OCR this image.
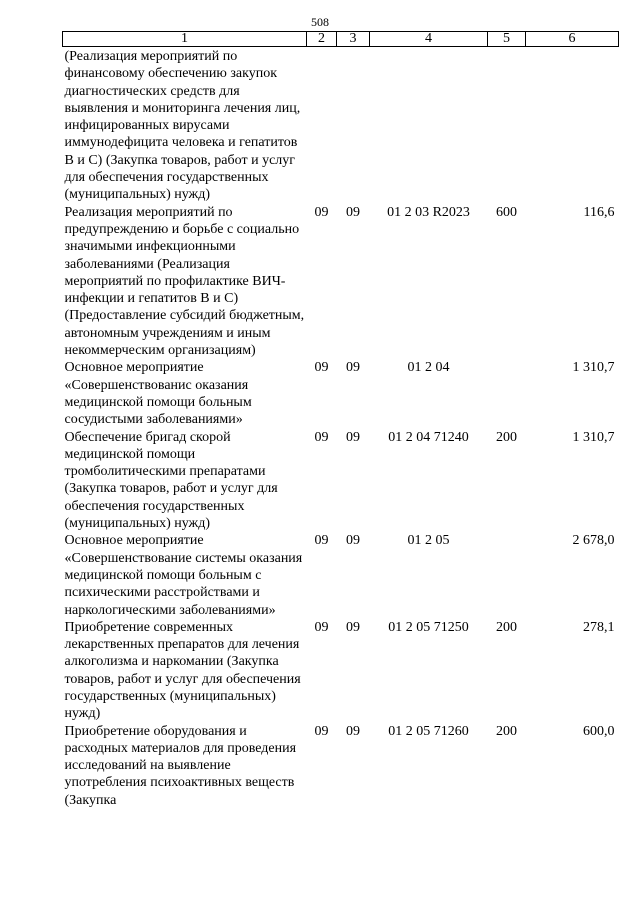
508
1	2	3	4	5	6
(Реализация мероприятий по финансовому обеспечению закупок диагностических средств для выявления и мониторинга лечения лиц, инфицированных вирусами иммунодефицита человека и гепатитов В и С) (Закупка товаров, работ и услуг для обеспечения государственных (муниципальных) нужд)					
Реализация мероприятий по предупреждению и борьбе с социально значимыми инфекционными заболеваниями (Реализация мероприятий по профилактике ВИЧ-инфекции и гепатитов В и С) (Предоставление субсидий бюджетным, автономным учреждениям и иным некоммерческим организациям)	09	09	01 2 03 R2023	600	116,6
Основное мероприятие «Совершенствованис оказания медицинской помощи больным сосудистыми заболеваниями»	09	09	01 2 04		1 310,7
Обеспечение бригад скорой медицинской помощи тромболитическими препаратами (Закупка товаров, работ и услуг для обеспечения государственных (муниципальных) нужд)	09	09	01 2 04 71240	200	1 310,7
Основное мероприятие «Совершенствование системы оказания медицинской помощи больным с психическими расстройствами и наркологическими заболеваниями»	09	09	01 2 05		2 678,0
Приобретение современных лекарственных препаратов для лечения алкоголизма и наркомании (Закупка товаров, работ и услуг для обеспечения государственных (муниципальных) нужд)	09	09	01 2 05 71250	200	278,1
Приобретение оборудования и расходных материалов для проведения исследований на выявление употребления психоактивных веществ (Закупка	09	09	01 2 05 71260	200	600,0
